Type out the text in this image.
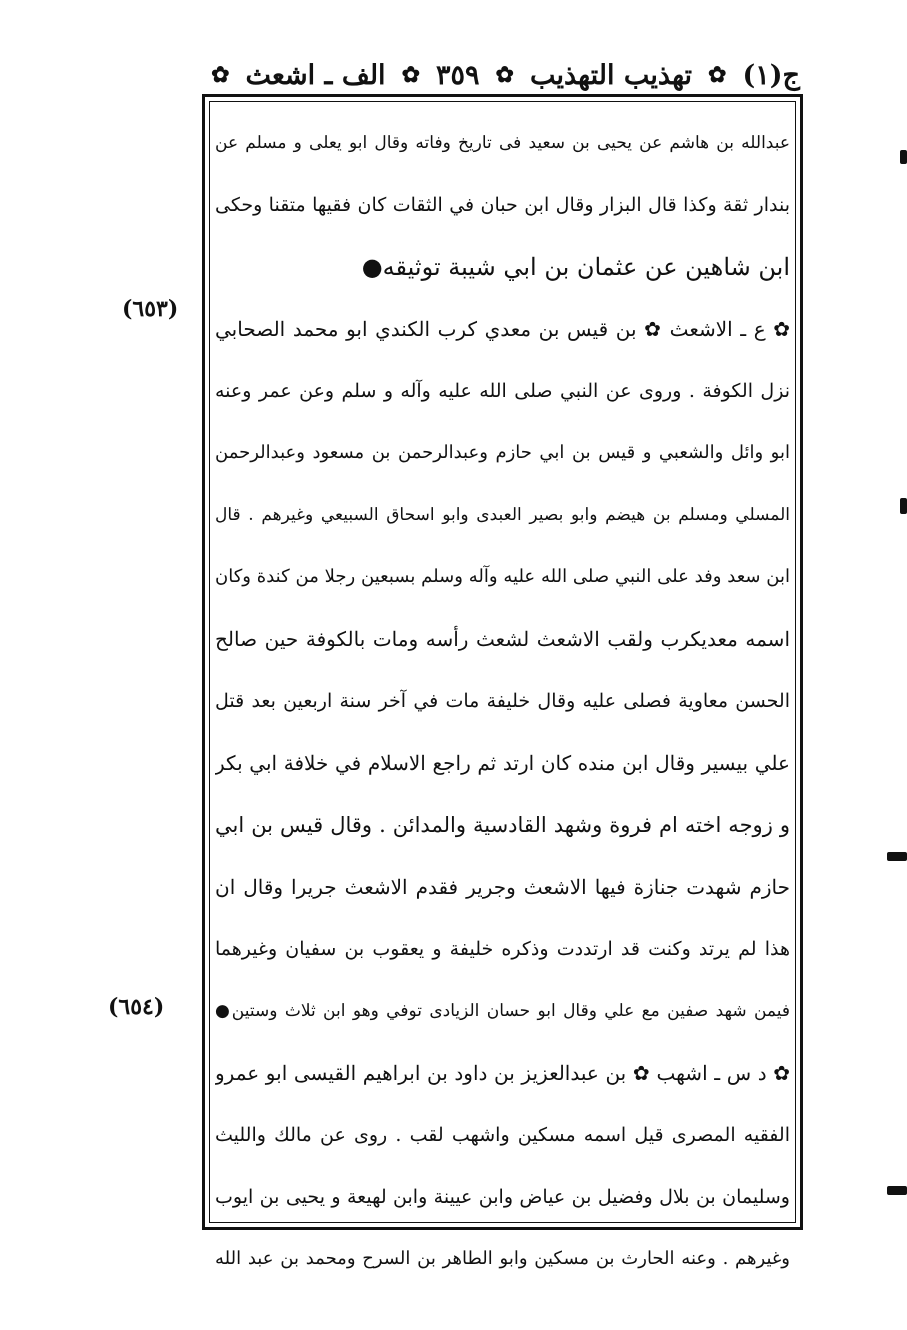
ج(١)
✿
تهذيب التهذيب
✿
٣٥٩
✿
الف ـ اشعث
✿
(٦٥٣)
(٦٥٤)
عبدالله بن هاشم عن يحيى بن سعيد فى تاريخ وفاته وقال ابو يعلى و مسلم عن
بندار ثقة وكذا قال البزار وقال ابن حبان في الثقات كان فقيها متقنا وحكى
ابن شاهين عن عثمان بن ابي شيبة توثيقه●
✿ ع ـ الاشعث ✿ بن قيس بن معدي كرب الكندي ابو محمد الصحابي
نزل الكوفة . وروى عن النبي صلى الله عليه وآله و سلم وعن عمر وعنه
ابو وائل والشعبي و قيس بن ابي حازم وعبدالرحمن بن مسعود وعبدالرحمن
المسلي ومسلم بن هيضم وابو بصير العبدى وابو اسحاق السبيعي وغيرهم . قال
ابن سعد وفد على النبي صلى الله عليه وآله وسلم بسبعين رجلا من كندة وكان
اسمه معديكرب ولقب الاشعث لشعث رأسه ومات بالكوفة حين صالح
الحسن معاوية فصلى عليه وقال خليفة مات في آخر سنة اربعين بعد قتل
علي بيسير وقال ابن منده كان ارتد ثم راجع الاسلام في خلافة ابي بكر
و زوجه اخته ام فروة وشهد القادسية والمدائن . وقال قيس بن ابي
حازم شهدت جنازة فيها الاشعث وجرير فقدم الاشعث جريرا وقال ان
هذا لم يرتد وكنت قد ارتددت وذكره خليفة و يعقوب بن سفيان وغيرهما
فيمن شهد صفين مع علي وقال ابو حسان الزيادى توفي وهو ابن ثلاث وستين●
✿ د س ـ اشهب ✿ بن عبدالعزيز بن داود بن ابراهيم القيسى ابو عمرو
الفقيه المصرى قيل اسمه مسكين واشهب لقب . روى عن مالك والليث
وسليمان بن بلال وفضيل بن عياض وابن عيينة وابن لهيعة و يحيى بن ايوب
وغيرهم . وعنه الحارث بن مسكين وابو الطاهر بن السرح ومحمد بن عبد الله
